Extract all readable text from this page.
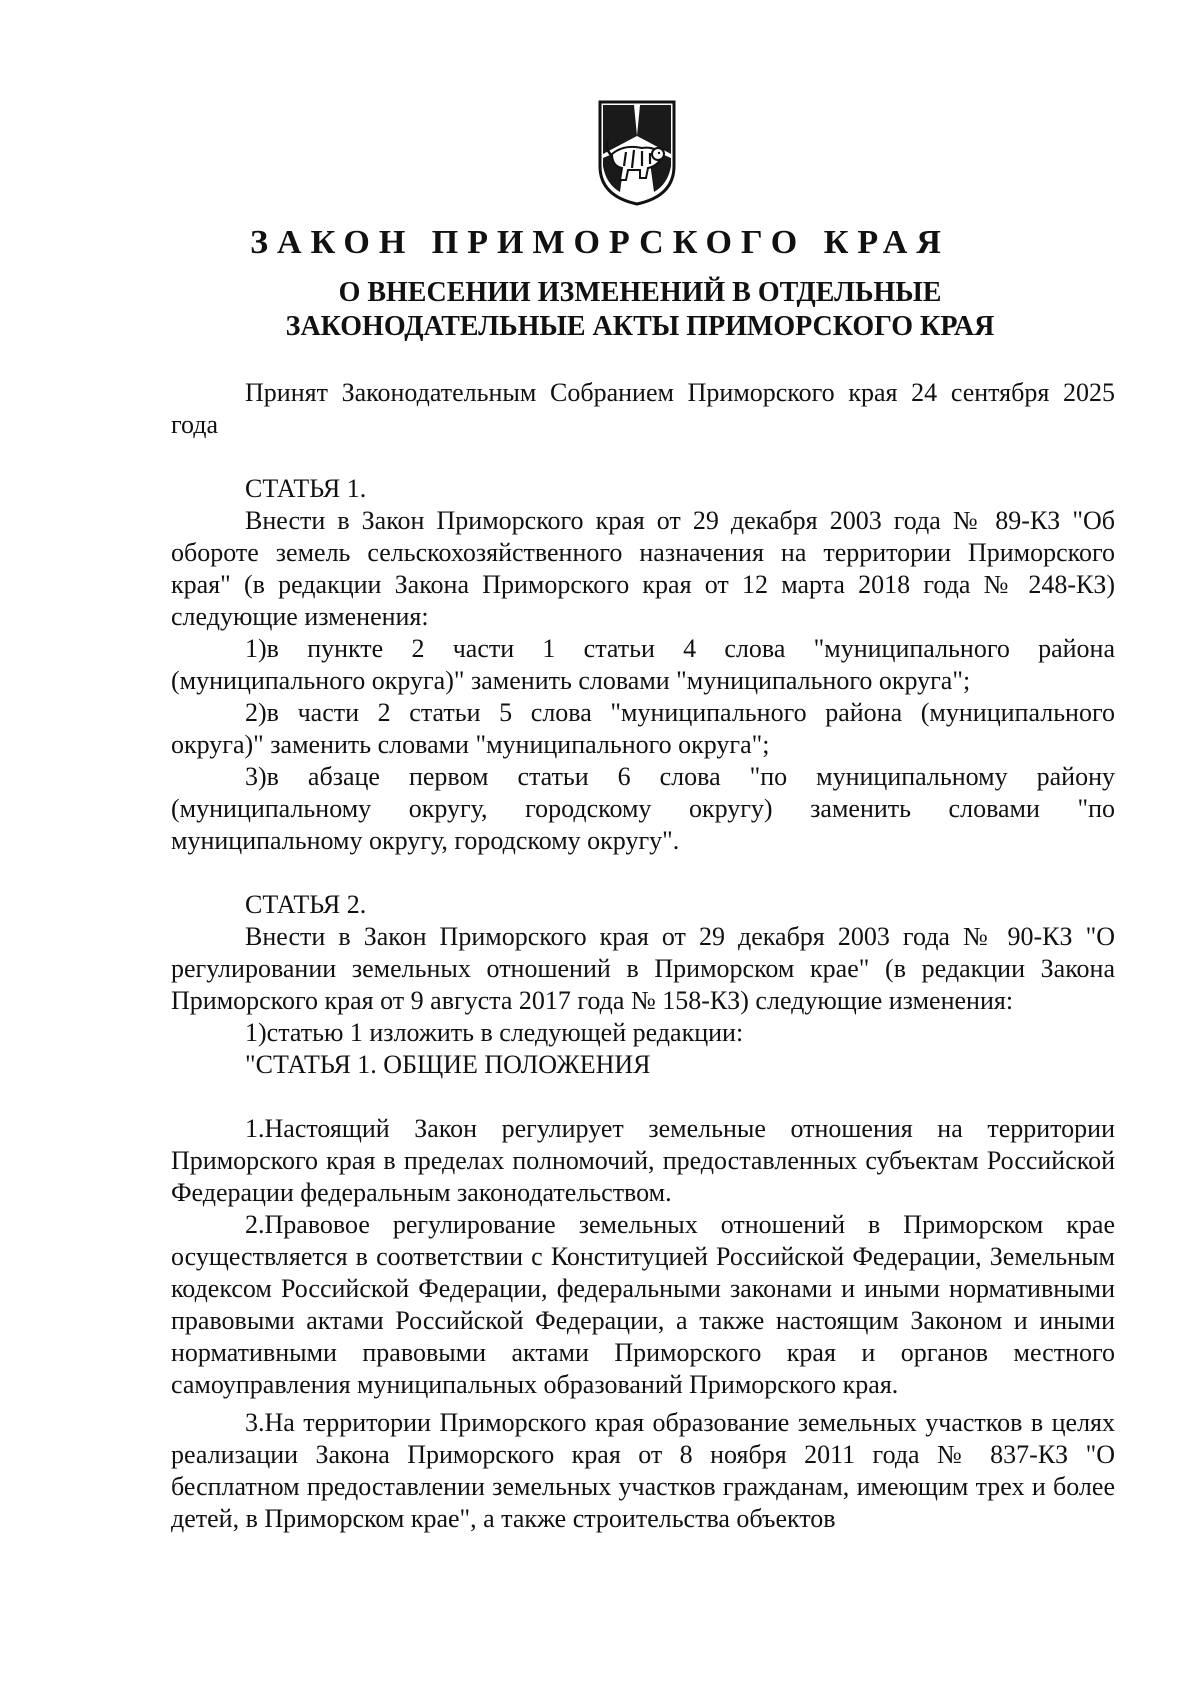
ЗАКОН ПРИМОРСКОГО КРАЯ
О ВНЕСЕНИИ ИЗМЕНЕНИЙ В ОТДЕЛЬНЫЕ
ЗАКОНОДАТЕЛЬНЫЕ АКТЫ ПРИМОРСКОГО КРАЯ

Принят Законодательным Собранием Приморского края 24 сентября 2025 года

СТАТЬЯ 1.

Внести в Закон Приморского края от 29 декабря 2003 года № 89-КЗ "Об обороте земель сельскохозяйственного назначения на территории Приморского края" (в редакции Закона Приморского края от 12 марта 2018 года № 248-КЗ) следующие изменения:

1)в пункте 2 части 1 статьи 4 слова "муниципального района (муниципального округа)" заменить словами "муниципального округа";

2)в части 2 статьи 5 слова "муниципального района (муниципального округа)" заменить словами "муниципального округа";

3)в абзаце первом статьи 6 слова "по муниципальному району (муниципальному округу, городскому округу) заменить словами "по муниципальному округу, городскому округу".

СТАТЬЯ 2.

Внести в Закон Приморского края от 29 декабря 2003 года № 90-КЗ "О регулировании земельных отношений в Приморском крае" (в редакции Закона Приморского края от 9 августа 2017 года № 158-КЗ) следующие изменения:

1)статью 1 изложить в следующей редакции:

"СТАТЬЯ 1. ОБЩИЕ ПОЛОЖЕНИЯ

1.Настоящий Закон регулирует земельные отношения на территории Приморского края в пределах полномочий, предоставленных субъектам Российской Федерации федеральным законодательством.

2.Правовое регулирование земельных отношений в Приморском крае осуществляется в соответствии с Конституцией Российской Федерации, Земельным кодексом Российской Федерации, федеральными законами и иными нормативными правовыми актами Российской Федерации, а также настоящим Законом и иными нормативными правовыми актами Приморского края и органов местного самоуправления муниципальных образований Приморского края.

3.На территории Приморского края образование земельных участков в целях реализации Закона Приморского края от 8 ноября 2011 года № 837-КЗ "О бесплатном предоставлении земельных участков гражданам, имеющим трех и более детей, в Приморском крае", а также строительства объектов
